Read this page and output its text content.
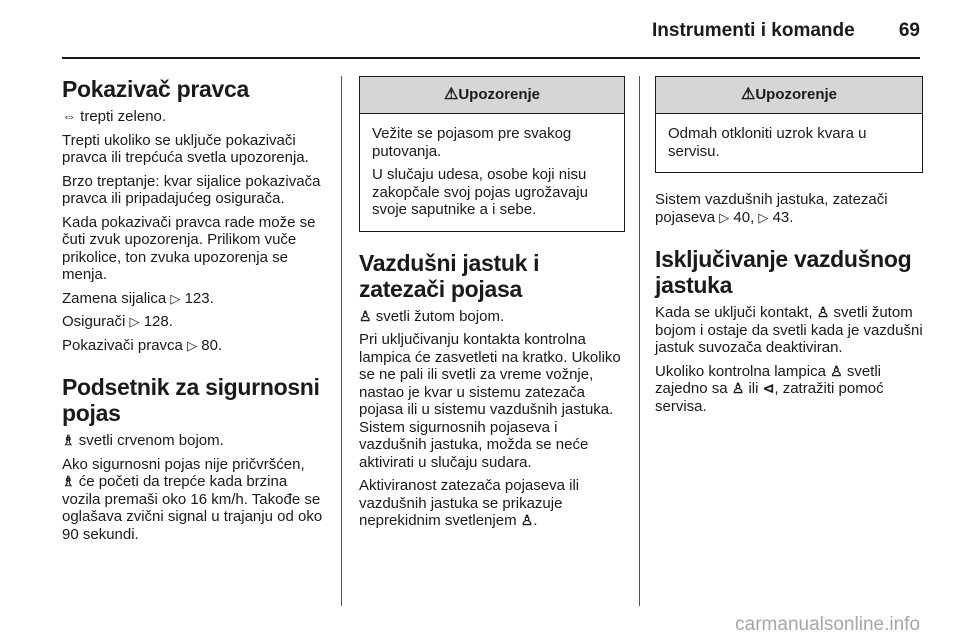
Instrumenti i komande 69
Pokazivač pravca

⇔ trepti zeleno.

Trepti ukoliko se uključe pokazivači pravca ili trepćuća svetla upozorenja.

Brzo treptanje: kvar sijalice pokazivača pravca ili pripadajućeg osigurača.

Kada pokazivači pravca rade može se čuti zvuk upozorenja. Prilikom vuče prikolice, ton zvuka upozorenja se menja.

Zamena sijalica ▷ 123.

Osigurači ▷ 128.

Pokazivači pravca ▷ 80.

Podsetnik za sigurnosni pojas

♗ svetli crvenom bojom.

Ako sigurnosni pojas nije pričvršćen,
♗ će početi da trepće kada brzina vozila premaši oko 16 km/h. Takođe se oglašava zvični signal u trajanju od oko 90 sekundi.

⚠Upozorenje

Vežite se pojasom pre svakog putovanja.

U slučaju udesa, osobe koji nisu zakopčale svoj pojas ugrožavaju svoje saputnike a i sebe.

Vazdušni jastuk i zatezači pojasa

♙ svetli žutom bojom.

Pri uključivanju kontakta kontrolna lampica će zasvetleti na kratko. Ukoliko se ne pali ili svetli za vreme vožnje, nastao je kvar u sistemu zatezača pojasa ili u sistemu vazdušnih jastuka. Sistem sigurnosnih pojaseva i vazdušnih jastuka, možda se neće aktivirati u slučaju sudara.

Aktiviranost zatezača pojaseva ili vazdušnih jastuka se prikazuje neprekidnim svetlenjem ♙.

⚠Upozorenje

Odmah otkloniti uzrok kvara u servisu.

Sistem vazdušnih jastuka, zatezači pojaseva ▷ 40, ▷ 43.

Isključivanje vazdušnog jastuka

Kada se uključi kontakt, ♙ svetli žutom bojom i ostaje da svetli kada je vazdušni jastuk suvozača deaktiviran.

Ukoliko kontrolna lampica ♙ svetli zajedno sa ♙ ili ⊲, zatražiti pomoć servisa.

carmanualsonline.info
